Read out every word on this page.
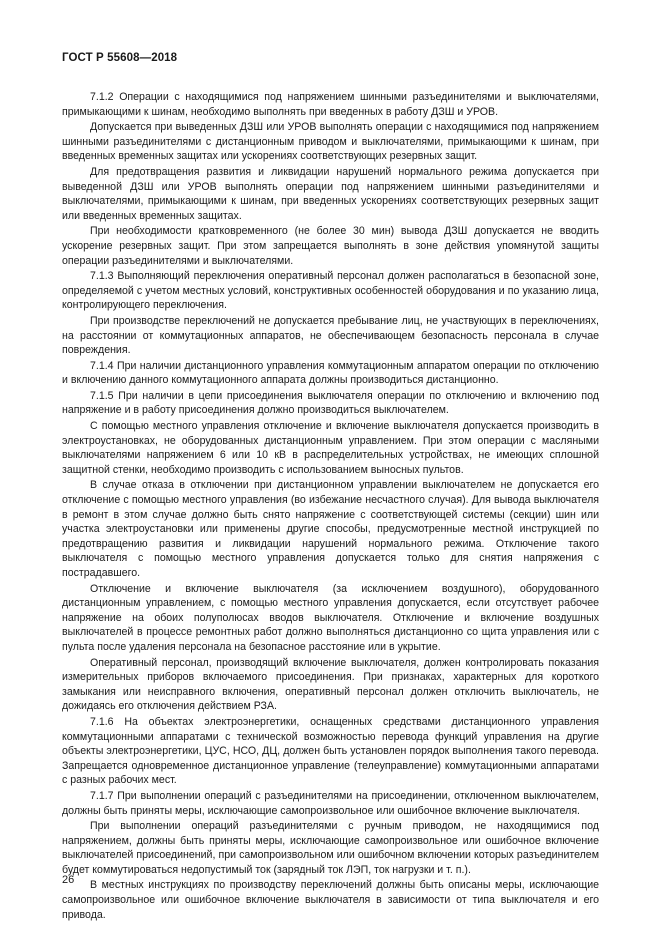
ГОСТ Р 55608—2018

7.1.2 Операции с находящимися под напряжением шинными разъединителями и выключателями, примыкающими к шинам, необходимо выполнять при введенных в работу ДЗШ и УРОВ.

Допускается при выведенных ДЗШ или УРОВ выполнять операции с находящимися под напряжением шинными разъединителями с дистанционным приводом и выключателями, примыкающими к шинам, при введенных временных защитах или ускорениях соответствующих резервных защит.

Для предотвращения развития и ликвидации нарушений нормального режима допускается при выведенной ДЗШ или УРОВ выполнять операции под напряжением шинными разъединителями и выключателями, примыкающими к шинам, при введенных ускорениях соответствующих резервных защит или введенных временных защитах.

При необходимости кратковременного (не более 30 мин) вывода ДЗШ допускается не вводить ускорение резервных защит. При этом запрещается выполнять в зоне действия упомянутой защиты операции разъединителями и выключателями.

7.1.3 Выполняющий переключения оперативный персонал должен располагаться в безопасной зоне, определяемой с учетом местных условий, конструктивных особенностей оборудования и по указанию лица, контролирующего переключения.

При производстве переключений не допускается пребывание лиц, не участвующих в переключениях, на расстоянии от коммутационных аппаратов, не обеспечивающем безопасность персонала в случае повреждения.

7.1.4 При наличии дистанционного управления коммутационным аппаратом операции по отключению и включению данного коммутационного аппарата должны производиться дистанционно.

7.1.5 При наличии в цепи присоединения выключателя операции по отключению и включению под напряжение и в работу присоединения должно производиться выключателем.

С помощью местного управления отключение и включение выключателя допускается производить в электроустановках, не оборудованных дистанционным управлением. При этом операции с масляными выключателями напряжением 6 или 10 кВ в распределительных устройствах, не имеющих сплошной защитной стенки, необходимо производить с использованием выносных пультов.

В случае отказа в отключении при дистанционном управлении выключателем не допускается его отключение с помощью местного управления (во избежание несчастного случая). Для вывода выключателя в ремонт в этом случае должно быть снято напряжение с соответствующей системы (секции) шин или участка электроустановки или применены другие способы, предусмотренные местной инструкцией по предотвращению развития и ликвидации нарушений нормального режима. Отключение такого выключателя с помощью местного управления допускается только для снятия напряжения с пострадавшего.

Отключение и включение выключателя (за исключением воздушного), оборудованного дистанционным управлением, с помощью местного управления допускается, если отсутствует рабочее напряжение на обоих полуполюсах вводов выключателя. Отключение и включение воздушных выключателей в процессе ремонтных работ должно выполняться дистанционно со щита управления или с пульта после удаления персонала на безопасное расстояние или в укрытие.

Оперативный персонал, производящий включение выключателя, должен контролировать показания измерительных приборов включаемого присоединения. При признаках, характерных для короткого замыкания или неисправного включения, оперативный персонал должен отключить выключатель, не дожидаясь его отключения действием РЗА.

7.1.6 На объектах электроэнергетики, оснащенных средствами дистанционного управления коммутационными аппаратами с технической возможностью перевода функций управления на другие объекты электроэнергетики, ЦУС, НСО, ДЦ, должен быть установлен порядок выполнения такого перевода. Запрещается одновременное дистанционное управление (телеуправление) коммутационными аппаратами с разных рабочих мест.

7.1.7 При выполнении операций с разъединителями на присоединении, отключенном выключателем, должны быть приняты меры, исключающие самопроизвольное или ошибочное включение выключателя.

При выполнении операций разъединителями с ручным приводом, не находящимися под напряжением, должны быть приняты меры, исключающие самопроизвольное или ошибочное включение выключателей присоединений, при самопроизвольном или ошибочном включении которых разъединителем будет коммутироваться недопустимый ток (зарядный ток ЛЭП, ток нагрузки и т. п.).

В местных инструкциях по производству переключений должны быть описаны меры, исключающие самопроизвольное или ошибочное включение выключателя в зависимости от типа выключателя и его привода.

26
